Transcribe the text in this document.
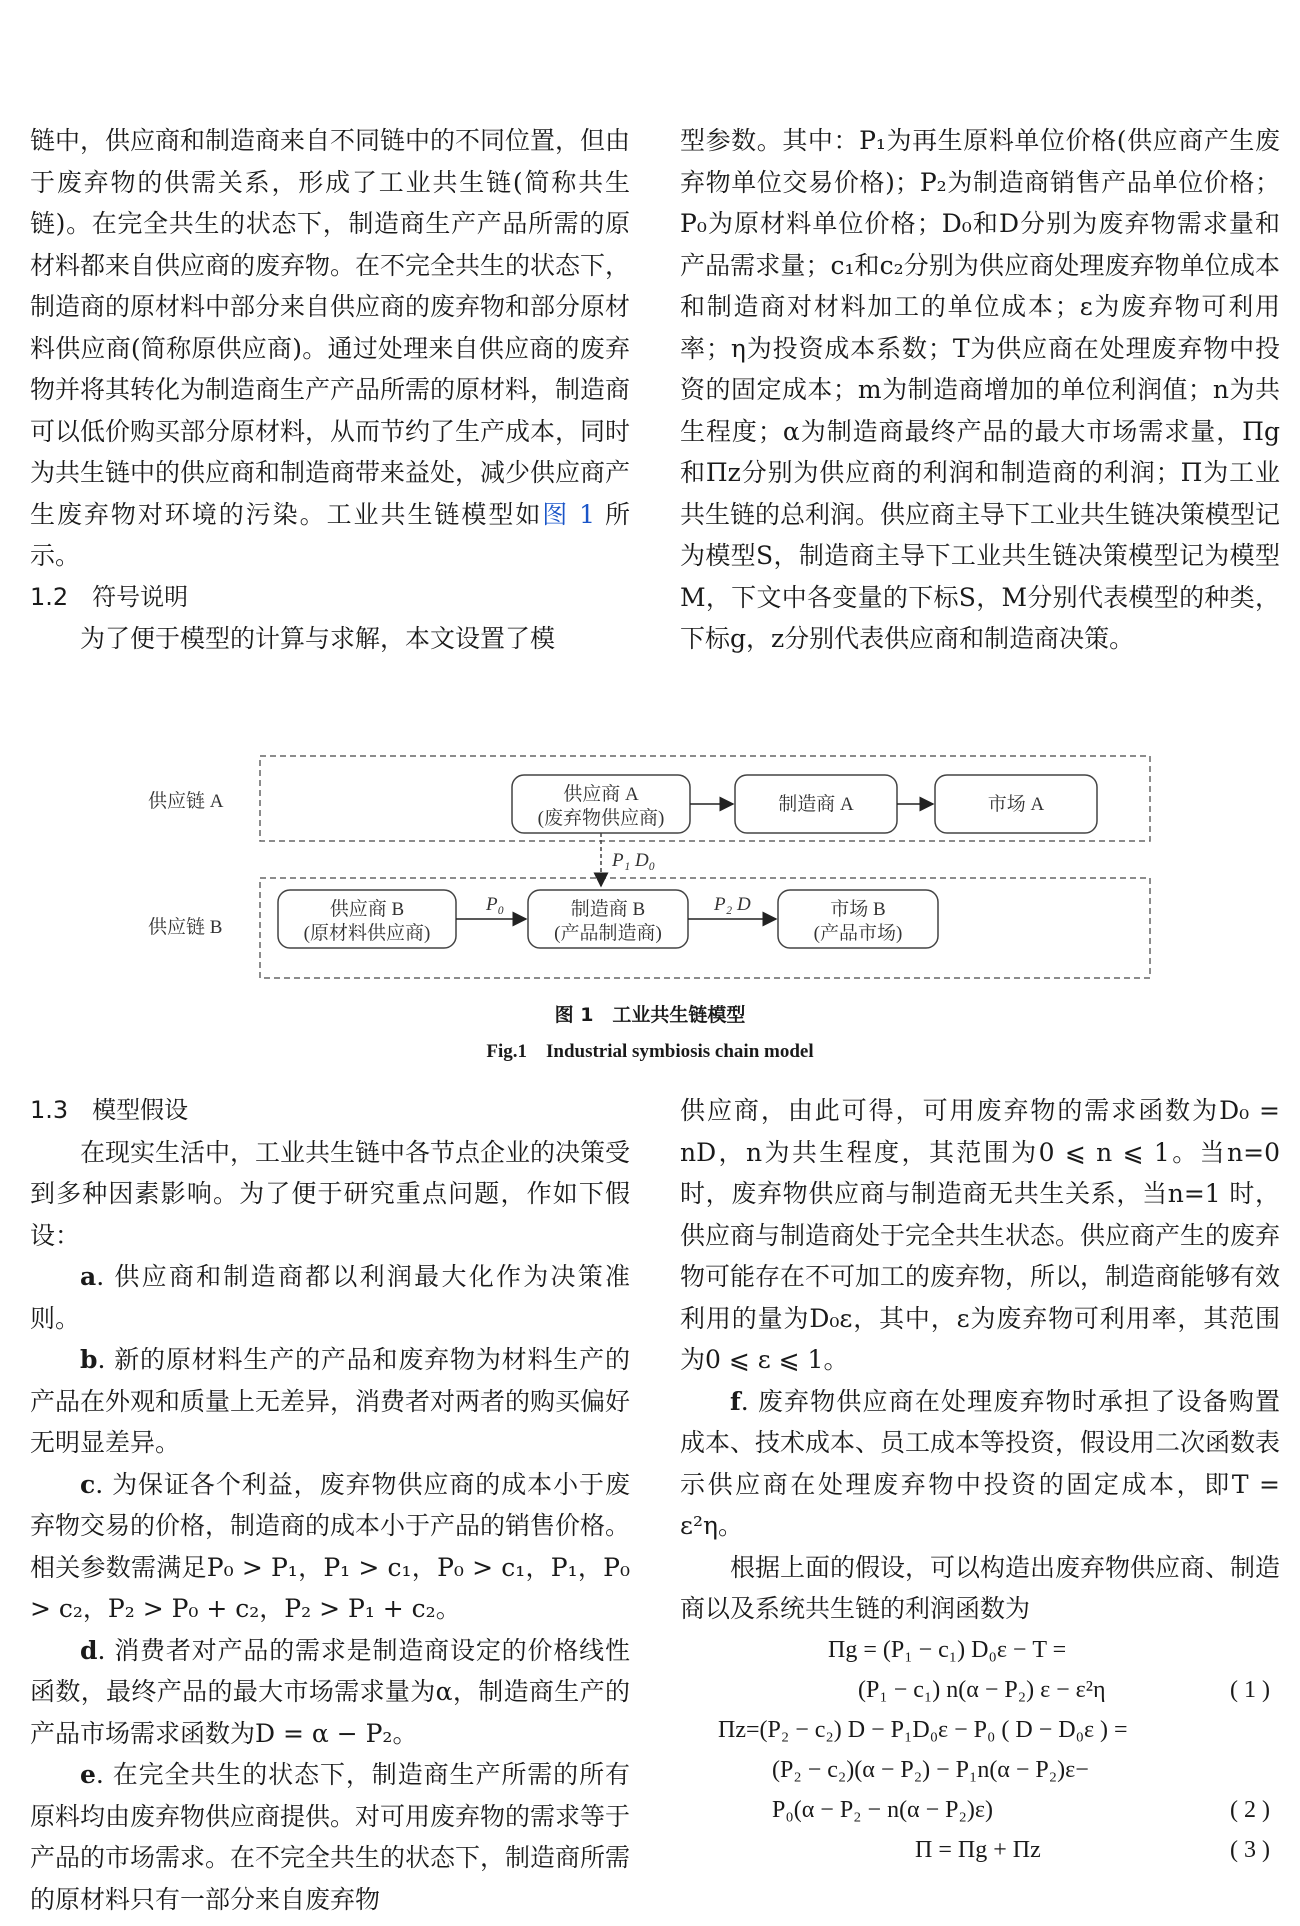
链中，供应商和制造商来自不同链中的不同位置，但由于废弃物的供需关系，形成了工业共生链(简称共生链)。在完全共生的状态下，制造商生产产品所需的原材料都来自供应商的废弃物。在不完全共生的状态下，制造商的原材料中部分来自供应商的废弃物和部分原材料供应商(简称原供应商)。通过处理来自供应商的废弃物并将其转化为制造商生产产品所需的原材料，制造商可以低价购买部分原材料，从而节约了生产成本，同时为共生链中的供应商和制造商带来益处，减少供应商产生废弃物对环境的污染。工业共生链模型如图 1 所示。

1.2 符号说明

为了便于模型的计算与求解，本文设置了模

型参数。其中：P₁为再生原料单位价格(供应商产生废弃物单位交易价格)；P₂为制造商销售产品单位价格；P₀为原材料单位价格；D₀和D分别为废弃物需求量和产品需求量；c₁和c₂分别为供应商处理废弃物单位成本和制造商对材料加工的单位成本；ε为废弃物可利用率；η为投资成本系数；T为供应商在处理废弃物中投资的固定成本；m为制造商增加的单位利润值；n为共生程度；α为制造商最终产品的最大市场需求量，Πg和Πz分别为供应商的利润和制造商的利润；Π为工业共生链的总利润。供应商主导下工业共生链决策模型记为模型S，制造商主导下工业共生链决策模型记为模型M，下文中各变量的下标S，M分别代表模型的种类，下标g，z分别代表供应商和制造商决策。

供应链 A
供应链 B
供应商 A
(废弃物供应商)
制造商 A	市场 A
P₁ D₀
供应商 B
(原材料供应商)
制造商 B
(产品制造商)
市场 B
(产品市场)
P₀	P₂ D
图 1　工业共生链模型
Fig.1　Industrial symbiosis chain model

1.3 模型假设

在现实生活中，工业共生链中各节点企业的决策受到多种因素影响。为了便于研究重点问题，作如下假设：

a. 供应商和制造商都以利润最大化作为决策准则。

b. 新的原材料生产的产品和废弃物为材料生产的产品在外观和质量上无差异，消费者对两者的购买偏好无明显差异。

c. 为保证各个利益，废弃物供应商的成本小于废弃物交易的价格，制造商的成本小于产品的销售价格。相关参数需满足P₀ > P₁，P₁ > c₁，P₀ > c₁，P₁，P₀ > c₂，P₂ > P₀ + c₂，P₂ > P₁ + c₂。

d. 消费者对产品的需求是制造商设定的价格线性函数，最终产品的最大市场需求量为α，制造商生产的产品市场需求函数为D = α − P₂。

e. 在完全共生的状态下，制造商生产所需的所有原料均由废弃物供应商提供。对可用废弃物的需求等于产品的市场需求。在不完全共生的状态下，制造商所需的原材料只有一部分来自废弃物

供应商，由此可得，可用废弃物的需求函数为D₀ = nD，n为共生程度，其范围为0 ⩽ n ⩽ 1。当n=0 时，废弃物供应商与制造商无共生关系，当n=1 时，供应商与制造商处于完全共生状态。供应商产生的废弃物可能存在不可加工的废弃物，所以，制造商能够有效利用的量为D₀ε，其中，ε为废弃物可利用率，其范围为0 ⩽ ε ⩽ 1。

f. 废弃物供应商在处理废弃物时承担了设备购置成本、技术成本、员工成本等投资，假设用二次函数表示供应商在处理废弃物中投资的固定成本，即T = ε²η。

根据上面的假设，可以构造出废弃物供应商、制造商以及系统共生链的利润函数为

Πg = (P₁ − c₁) D₀ε − T =
(P₁ − c₁) n(α − P₂) ε − ε²η	( 1 )
Πz=(P₂ − c₂) D − P₁D₀ε − P₀ ( D − D₀ε ) =
(P₂ − c₂)(α − P₂) − P₁n(α − P₂)ε−
P₀(α − P₂ − n(α − P₂)ε)	( 2 )
Π = Πg + Πz	( 3 )
